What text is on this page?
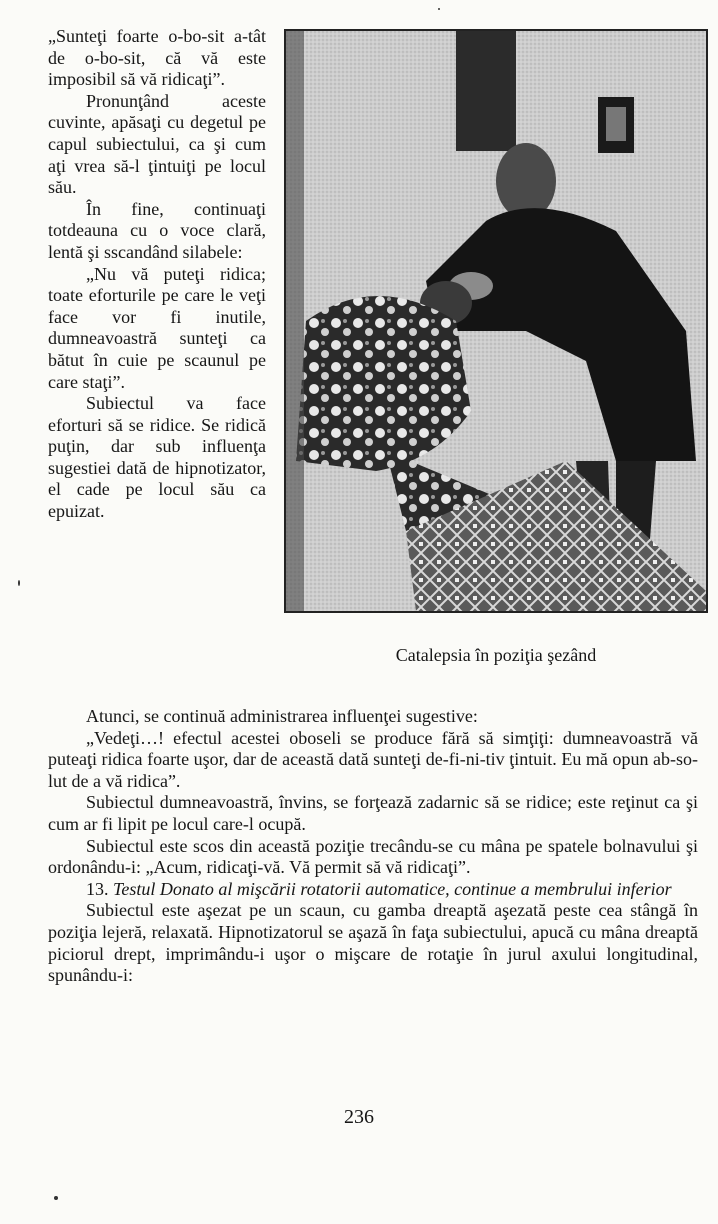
„Sunteţi foarte o-bo-sit a-tât de o-bo-sit, că vă este imposibil să vă ridicaţi”.

Pronunţând aceste cuvinte, apăsaţi cu degetul pe capul subiectului, ca şi cum aţi vrea să-l ţintuiţi pe locul său.

În fine, continuaţi totdeauna cu o voce clară, lentă şi sscandând silabele:

„Nu vă puteţi ridica; toate eforturile pe care le veţi face vor fi inutile, dumneavoastră sunteţi ca bătut în cuie pe scaunul pe care staţi”.

Subiectul va face eforturi să se ridice. Se ridică puţin, dar sub influenţa sugestiei dată de hipnotizator, el cade pe locul său ca epuizat.

Catalepsia în poziţia şezând

Atunci, se continuă administrarea influenţei sugestive:

„Vedeţi…! efectul acestei oboseli se produce fără să simţiţi: dumneavoastră vă puteaţi ridica foarte uşor, dar de această dată sunteţi de-fi-ni-tiv ţintuit. Eu mă opun ab-so-lut de a vă ridica”.

Subiectul dumneavoastră, învins, se forţează zadarnic să se ridice; este reţinut ca şi cum ar fi lipit pe locul care-l ocupă.

Subiectul este scos din această poziţie trecându-se cu mâna pe spatele bolnavului şi ordonându-i: „Acum, ridicaţi-vă. Vă permit să vă ridicaţi”.

13. Testul Donato al mişcării rotatorii automatice, continue a membrului inferior

Subiectul este aşezat pe un scaun, cu gamba dreaptă aşezată peste cea stângă în poziţia lejeră, relaxată. Hipnotizatorul se aşază în faţa subiectului, apucă cu mâna dreaptă piciorul drept, imprimându-i uşor o mişcare de rotaţie în jurul axului longitudinal, spunându-i:

236
